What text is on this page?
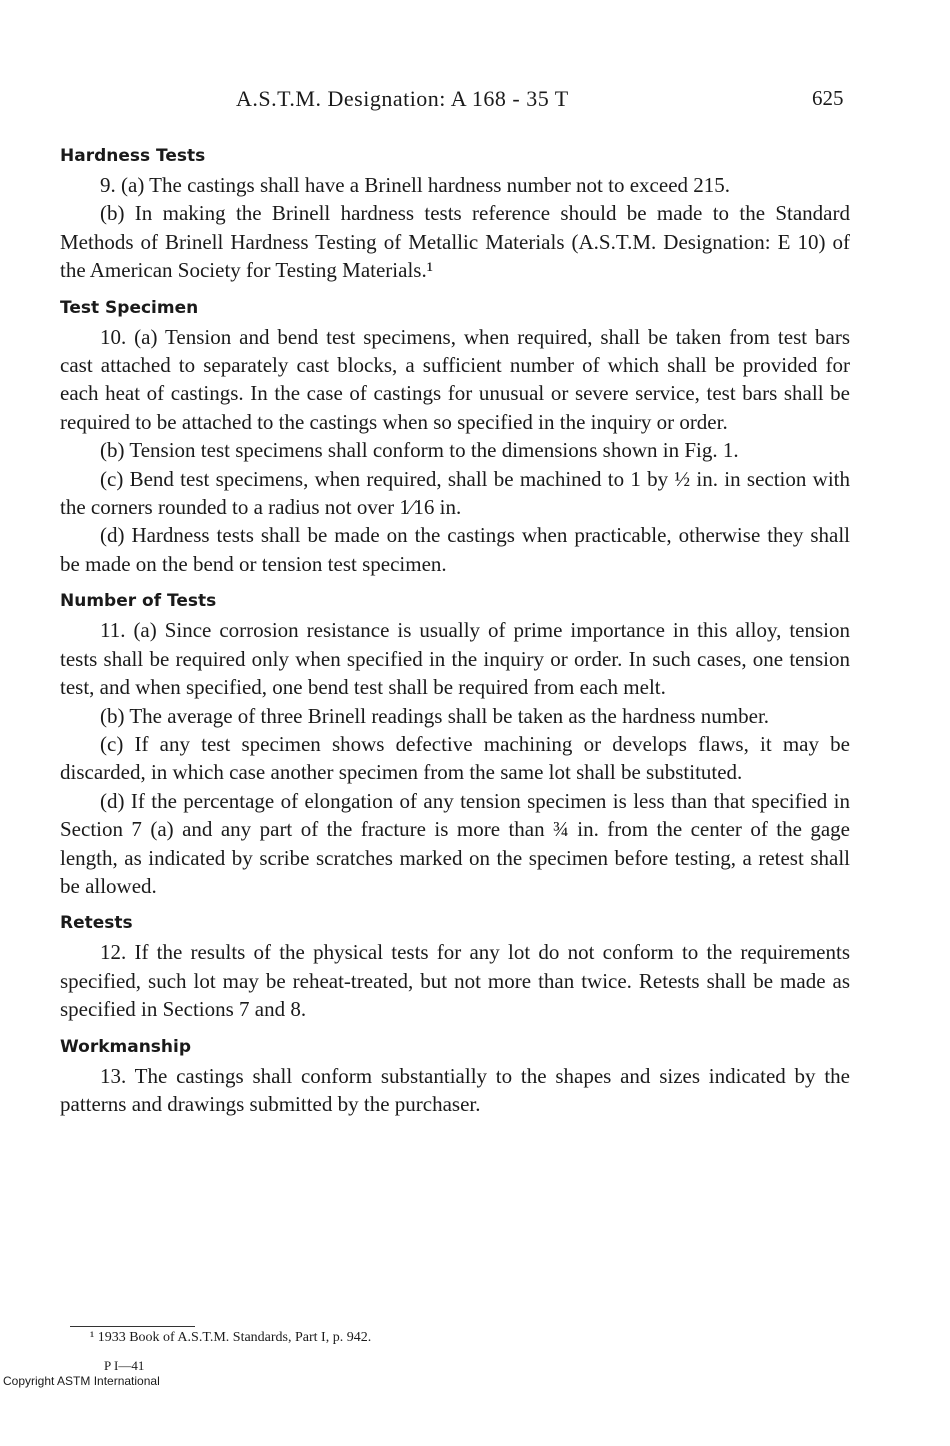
A.S.T.M. Designation: A 168 - 35 T	625
Hardness Tests

9. (a) The castings shall have a Brinell hardness number not to exceed 215.

(b) In making the Brinell hardness tests reference should be made to the Standard Methods of Brinell Hardness Testing of Metallic Materials (A.S.T.M. Designation: E 10) of the American Society for Testing Materials.¹

Test Specimen

10. (a) Tension and bend test specimens, when required, shall be taken from test bars cast attached to separately cast blocks, a sufficient number of which shall be provided for each heat of castings. In the case of castings for unusual or severe service, test bars shall be required to be attached to the castings when so specified in the inquiry or order.

(b) Tension test specimens shall conform to the dimensions shown in Fig. 1.

(c) Bend test specimens, when required, shall be machined to 1 by ½ in. in section with the corners rounded to a radius not over 1⁄16 in.

(d) Hardness tests shall be made on the castings when practicable, otherwise they shall be made on the bend or tension test specimen.

Number of Tests

11. (a) Since corrosion resistance is usually of prime importance in this alloy, tension tests shall be required only when specified in the inquiry or order. In such cases, one tension test, and when specified, one bend test shall be required from each melt.

(b) The average of three Brinell readings shall be taken as the hardness number.

(c) If any test specimen shows defective machining or develops flaws, it may be discarded, in which case another specimen from the same lot shall be substituted.

(d) If the percentage of elongation of any tension specimen is less than that specified in Section 7 (a) and any part of the fracture is more than ¾ in. from the center of the gage length, as indicated by scribe scratches marked on the specimen before testing, a retest shall be allowed.

Retests

12. If the results of the physical tests for any lot do not conform to the requirements specified, such lot may be reheat-treated, but not more than twice. Retests shall be made as specified in Sections 7 and 8.

Workmanship

13. The castings shall conform substantially to the shapes and sizes indicated by the patterns and drawings submitted by the purchaser.

¹ 1933 Book of A.S.T.M. Standards, Part I, p. 942.
P I—41
Copyright ASTM International
